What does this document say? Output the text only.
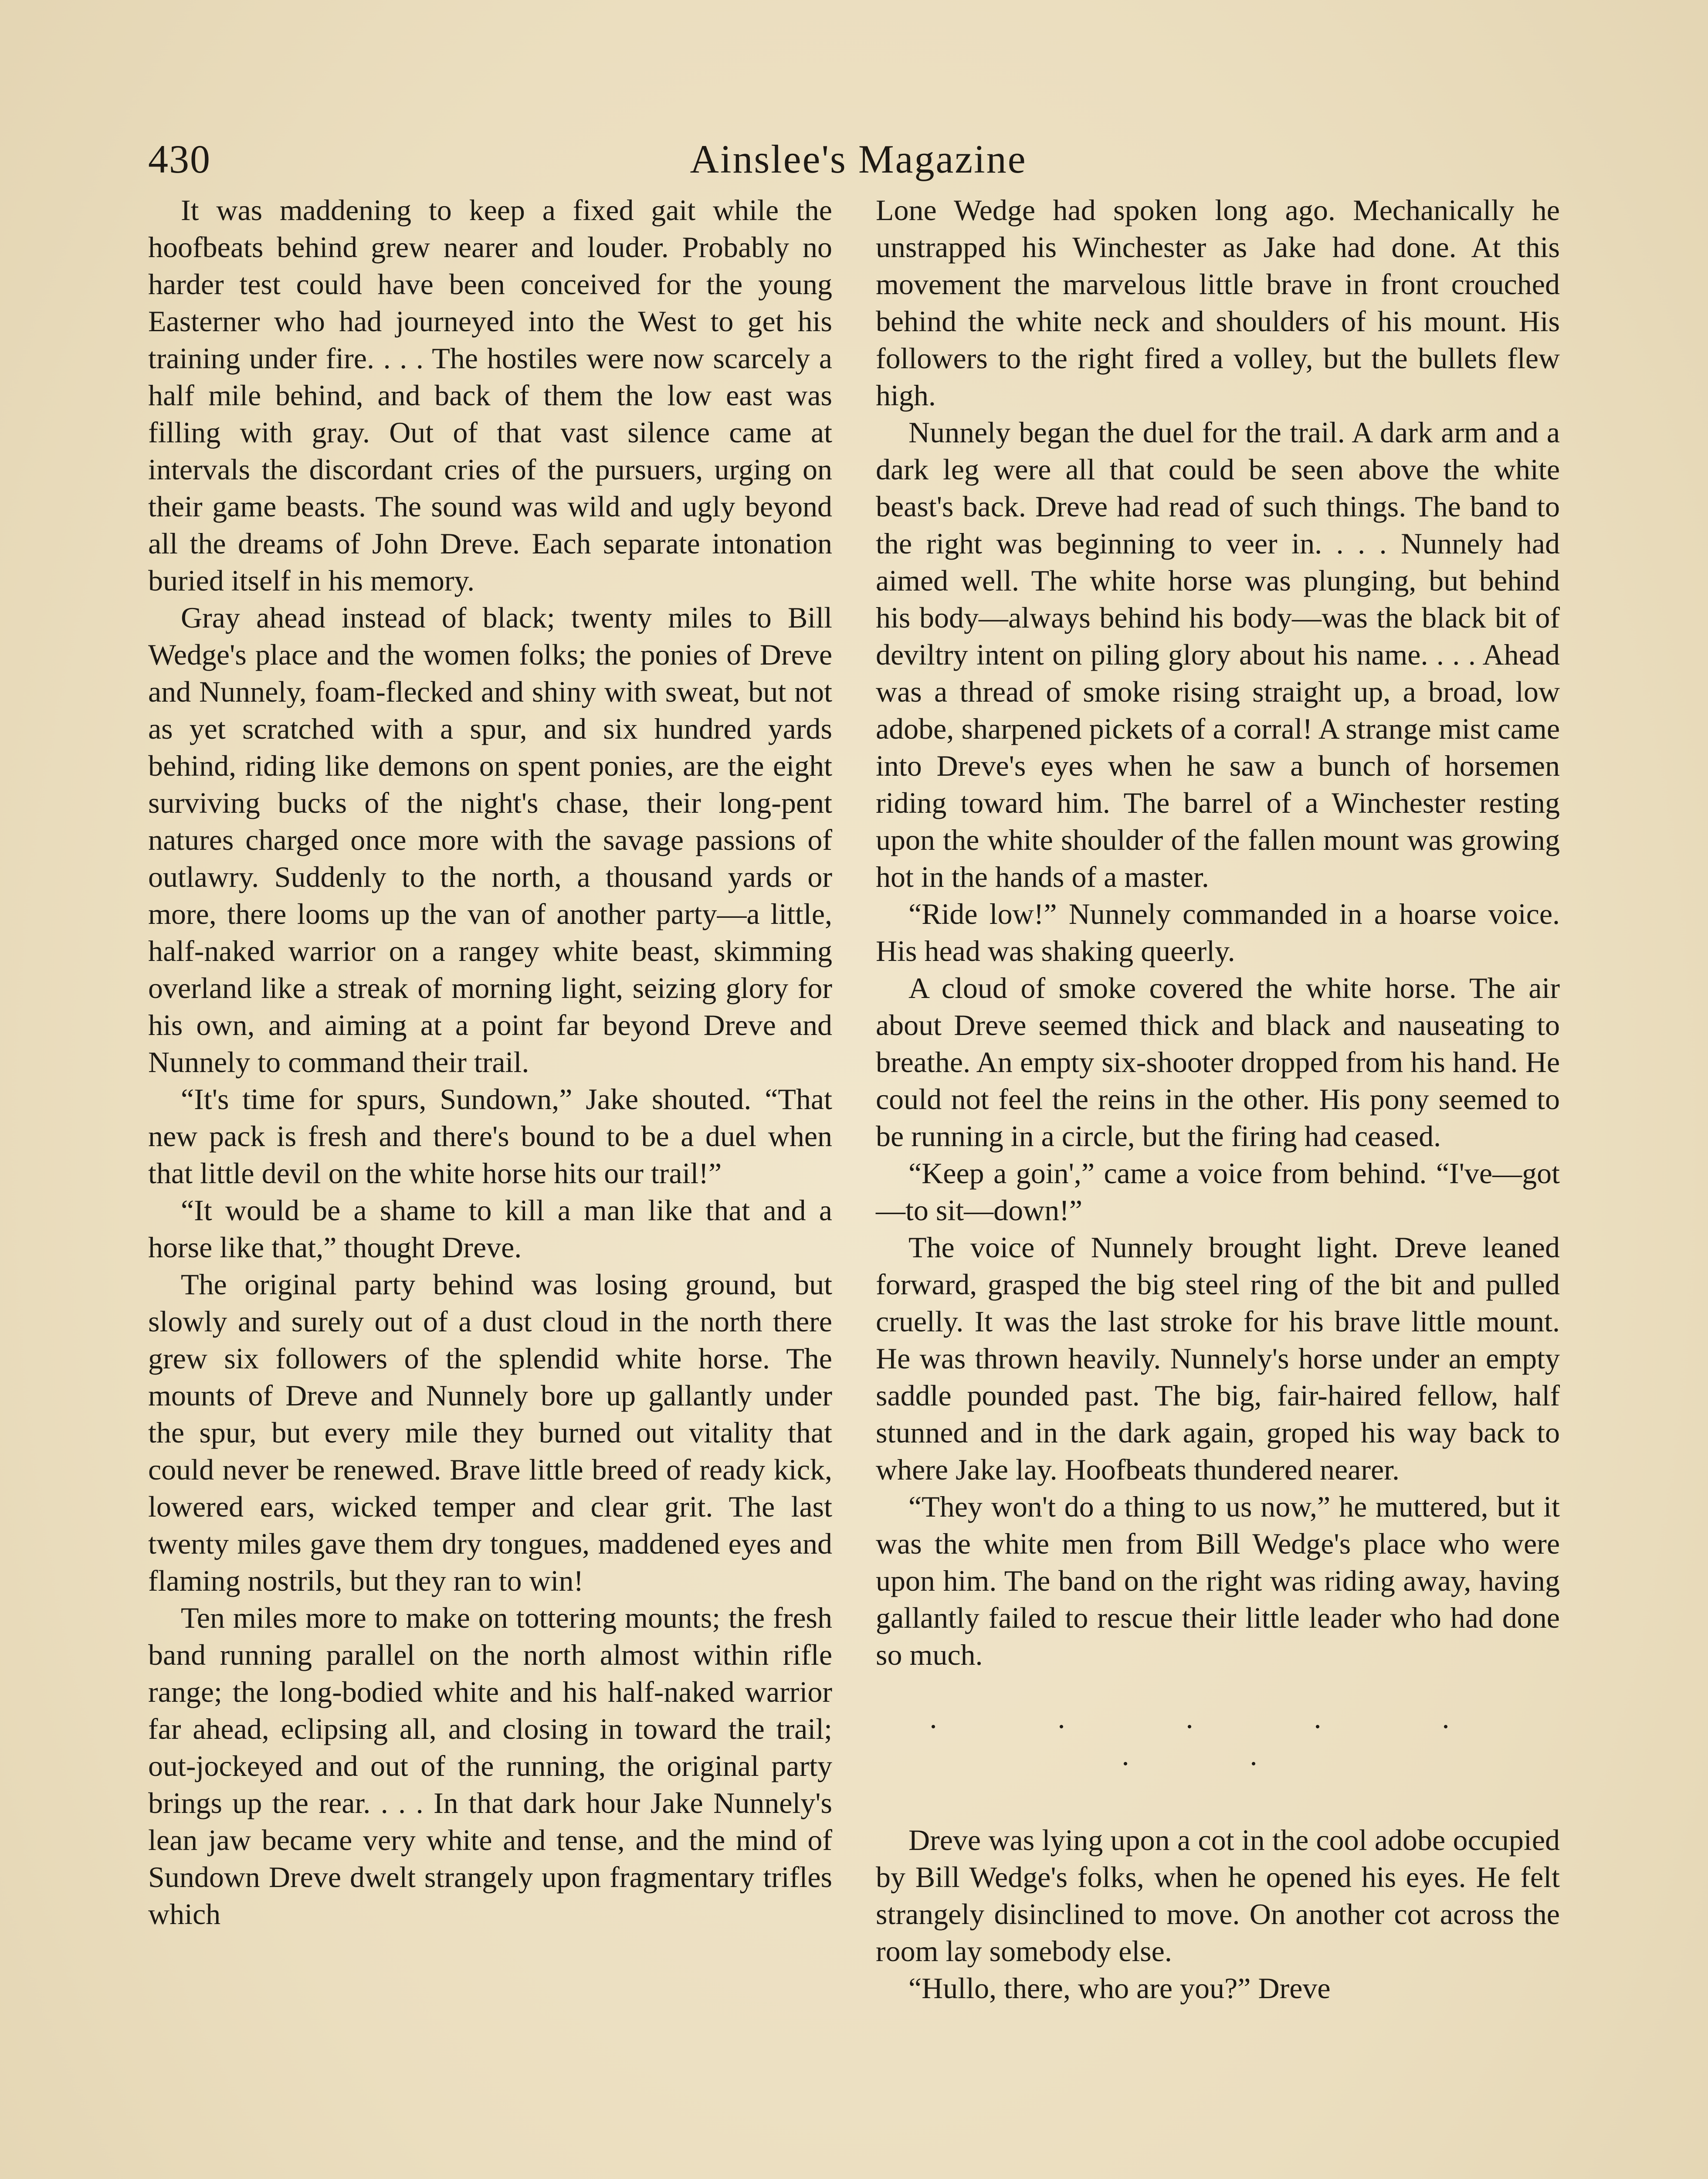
430	Ainslee's Magazine

It was maddening to keep a fixed gait while the hoofbeats behind grew nearer and louder. Probably no harder test could have been conceived for the young Easterner who had journeyed into the West to get his training under fire. . . . The hostiles were now scarcely a half mile behind, and back of them the low east was filling with gray. Out of that vast silence came at intervals the discordant cries of the pursuers, urging on their game beasts. The sound was wild and ugly beyond all the dreams of John Dreve. Each separate intonation buried itself in his memory.

Gray ahead instead of black; twenty miles to Bill Wedge's place and the women folks; the ponies of Dreve and Nunnely, foam-flecked and shiny with sweat, but not as yet scratched with a spur, and six hundred yards behind, riding like demons on spent ponies, are the eight surviving bucks of the night's chase, their long-pent natures charged once more with the savage passions of outlawry. Suddenly to the north, a thousand yards or more, there looms up the van of another party—a little, half-naked warrior on a rangey white beast, skimming overland like a streak of morning light, seizing glory for his own, and aiming at a point far beyond Dreve and Nunnely to command their trail.

“It's time for spurs, Sundown,” Jake shouted. “That new pack is fresh and there's bound to be a duel when that little devil on the white horse hits our trail!”

“It would be a shame to kill a man like that and a horse like that,” thought Dreve.

The original party behind was losing ground, but slowly and surely out of a dust cloud in the north there grew six followers of the splendid white horse. The mounts of Dreve and Nunnely bore up gallantly under the spur, but every mile they burned out vitality that could never be renewed. Brave little breed of ready kick, lowered ears, wicked temper and clear grit. The last twenty miles gave them dry tongues, maddened eyes and flaming nostrils, but they ran to win!

Ten miles more to make on tottering mounts; the fresh band running parallel on the north almost within rifle range; the long-bodied white and his half-naked warrior far ahead, eclipsing all, and closing in toward the trail; out-jockeyed and out of the running, the original party brings up the rear. . . . In that dark hour Jake Nunnely's lean jaw became very white and tense, and the mind of Sundown Dreve dwelt strangely upon fragmentary trifles which

Lone Wedge had spoken long ago. Mechanically he unstrapped his Winchester as Jake had done. At this movement the marvelous little brave in front crouched behind the white neck and shoulders of his mount. His followers to the right fired a volley, but the bullets flew high.

Nunnely began the duel for the trail. A dark arm and a dark leg were all that could be seen above the white beast's back. Dreve had read of such things. The band to the right was beginning to veer in. . . . Nunnely had aimed well. The white horse was plunging, but behind his body—always behind his body—was the black bit of deviltry intent on piling glory about his name. . . . Ahead was a thread of smoke rising straight up, a broad, low adobe, sharpened pickets of a corral! A strange mist came into Dreve's eyes when he saw a bunch of horsemen riding toward him. The barrel of a Winchester resting upon the white shoulder of the fallen mount was growing hot in the hands of a master.

“Ride low!” Nunnely commanded in a hoarse voice. His head was shaking queerly.

A cloud of smoke covered the white horse. The air about Dreve seemed thick and black and nauseating to breathe. An empty six-shooter dropped from his hand. He could not feel the reins in the other. His pony seemed to be running in a circle, but the firing had ceased.

“Keep a goin',” came a voice from behind. “I've—got—to sit—down!”

The voice of Nunnely brought light. Dreve leaned forward, grasped the big steel ring of the bit and pulled cruelly. It was the last stroke for his brave little mount. He was thrown heavily. Nunnely's horse under an empty saddle pounded past. The big, fair-haired fellow, half stunned and in the dark again, groped his way back to where Jake lay. Hoofbeats thundered nearer.

“They won't do a thing to us now,” he muttered, but it was the white men from Bill Wedge's place who were upon him. The band on the right was riding away, having gallantly failed to rescue their little leader who had done so much.

. . . . . . .

Dreve was lying upon a cot in the cool adobe occupied by Bill Wedge's folks, when he opened his eyes. He felt strangely disinclined to move. On another cot across the room lay somebody else.

“Hullo, there, who are you?” Dreve
